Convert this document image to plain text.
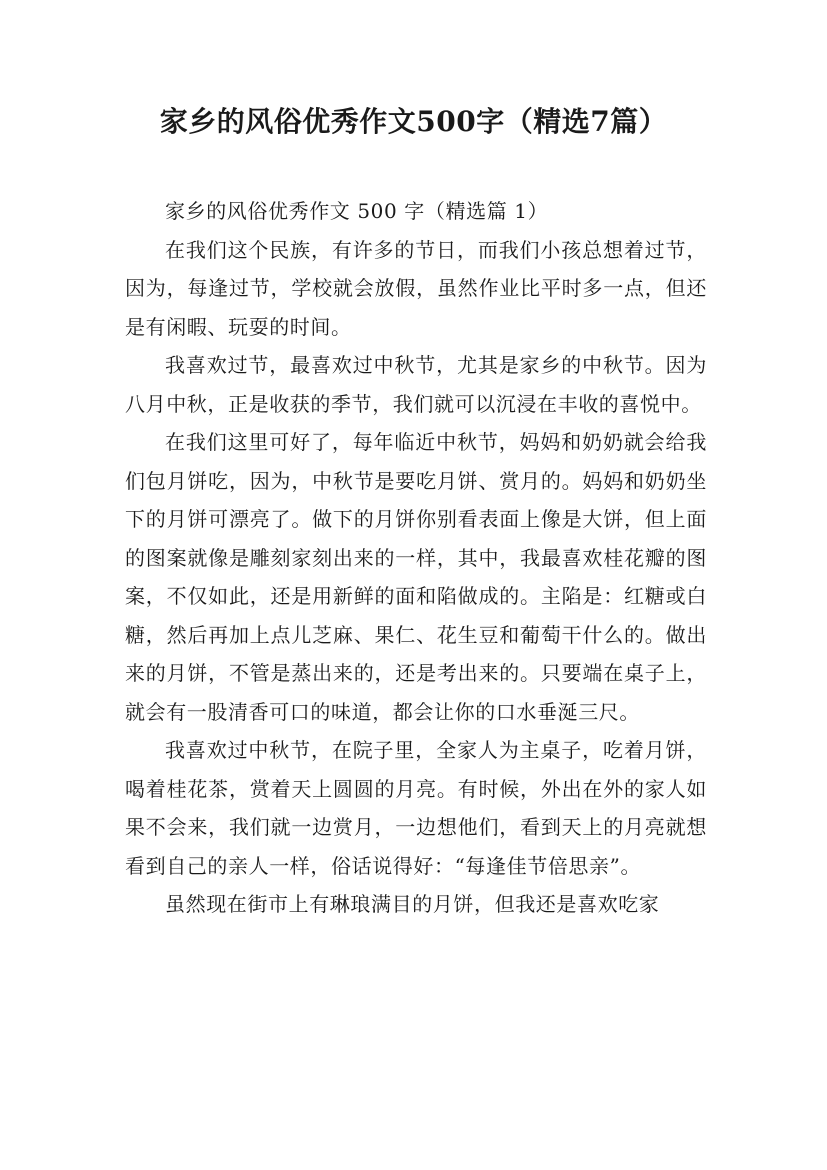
家乡的风俗优秀作文500字（精选7篇）

家乡的风俗优秀作文 500 字（精选篇 1）

在我们这个民族，有许多的节日，而我们小孩总想着过节，因为，每逢过节，学校就会放假，虽然作业比平时多一点，但还是有闲暇、玩耍的时间。

我喜欢过节，最喜欢过中秋节，尤其是家乡的中秋节。因为八月中秋，正是收获的季节，我们就可以沉浸在丰收的喜悦中。

在我们这里可好了，每年临近中秋节，妈妈和奶奶就会给我们包月饼吃，因为，中秋节是要吃月饼、赏月的。妈妈和奶奶坐下的月饼可漂亮了。做下的月饼你别看表面上像是大饼，但上面的图案就像是雕刻家刻出来的一样，其中，我最喜欢桂花瓣的图案，不仅如此，还是用新鲜的面和陷做成的。主陷是：红糖或白糖，然后再加上点儿芝麻、果仁、花生豆和葡萄干什么的。做出来的月饼，不管是蒸出来的，还是考出来的。只要端在桌子上，就会有一股清香可口的味道，都会让你的口水垂涎三尺。

我喜欢过中秋节，在院子里，全家人为主桌子，吃着月饼，喝着桂花茶，赏着天上圆圆的月亮。有时候，外出在外的家人如果不会来，我们就一边赏月，一边想他们，看到天上的月亮就想看到自己的亲人一样，俗话说得好：“每逢佳节倍思亲”。

虽然现在街市上有琳琅满目的月饼，但我还是喜欢吃家
